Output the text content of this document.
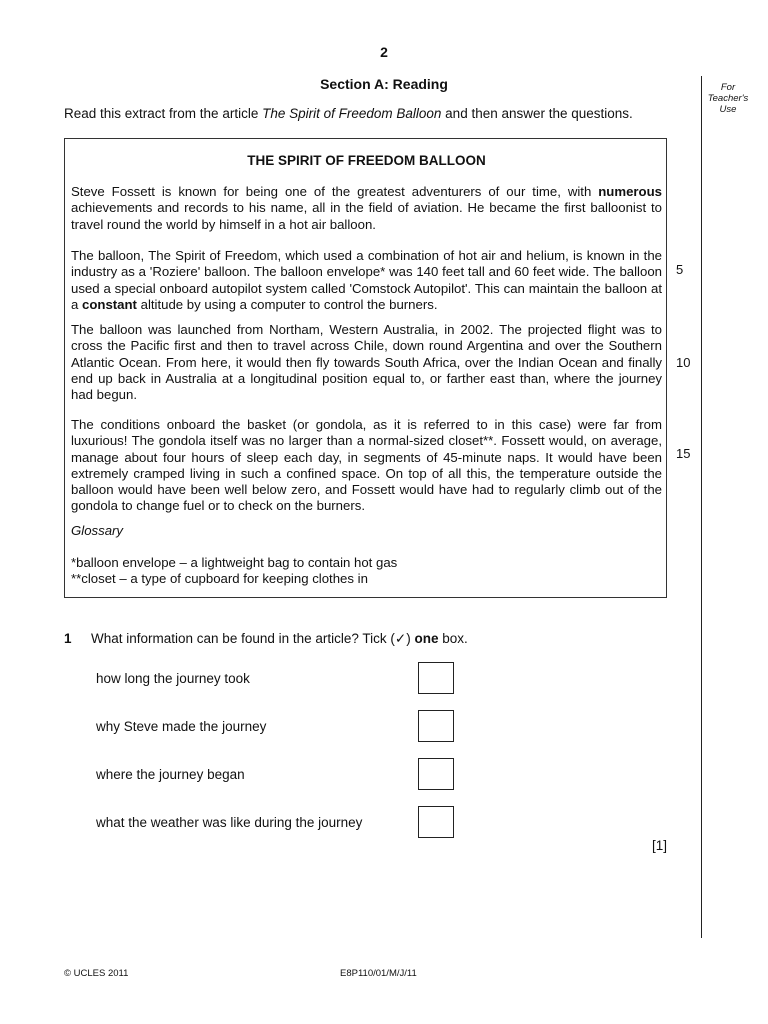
2
Section A: Reading	For
Teacher's
Use
Read this extract from the article The Spirit of Freedom Balloon and then answer the questions.
THE SPIRIT OF FREEDOM BALLOON
Steve Fossett is known for being one of the greatest adventurers of our time, with numerous achievements and records to his name, all in the field of aviation. He became the first balloonist to travel round the world by himself in a hot air balloon.
The balloon, The Spirit of Freedom, which used a combination of hot air and helium, is known in the industry as a 'Roziere' balloon. The balloon envelope* was 140 feet tall and 60 feet wide. The balloon used a special onboard autopilot system called 'Comstock Autopilot'. This can maintain the balloon at a constant altitude by using a computer to control the burners.
The balloon was launched from Northam, Western Australia, in 2002. The projected flight was to cross the Pacific first and then to travel across Chile, down round Argentina and over the Southern Atlantic Ocean. From here, it would then fly towards South Africa, over the Indian Ocean and finally end up back in Australia at a longitudinal position equal to, or farther east than, where the journey had begun.
The conditions onboard the basket (or gondola, as it is referred to in this case) were far from luxurious! The gondola itself was no larger than a normal-sized closet**. Fossett would, on average, manage about four hours of sleep each day, in segments of 45-minute naps. It would have been extremely cramped living in such a confined space. On top of all this, the temperature outside the balloon would have been well below zero, and Fossett would have had to regularly climb out of the gondola to change fuel or to check on the burners.
Glossary
*balloon envelope – a lightweight bag to contain hot gas
**closet – a type of cupboard for keeping clothes in
5
10
15
1 What information can be found in the article? Tick (✓) one box.
how long the journey took
why Steve made the journey
where the journey began
what the weather was like during the journey
[1]
© UCLES 2011	E8P110/01/M/J/11
